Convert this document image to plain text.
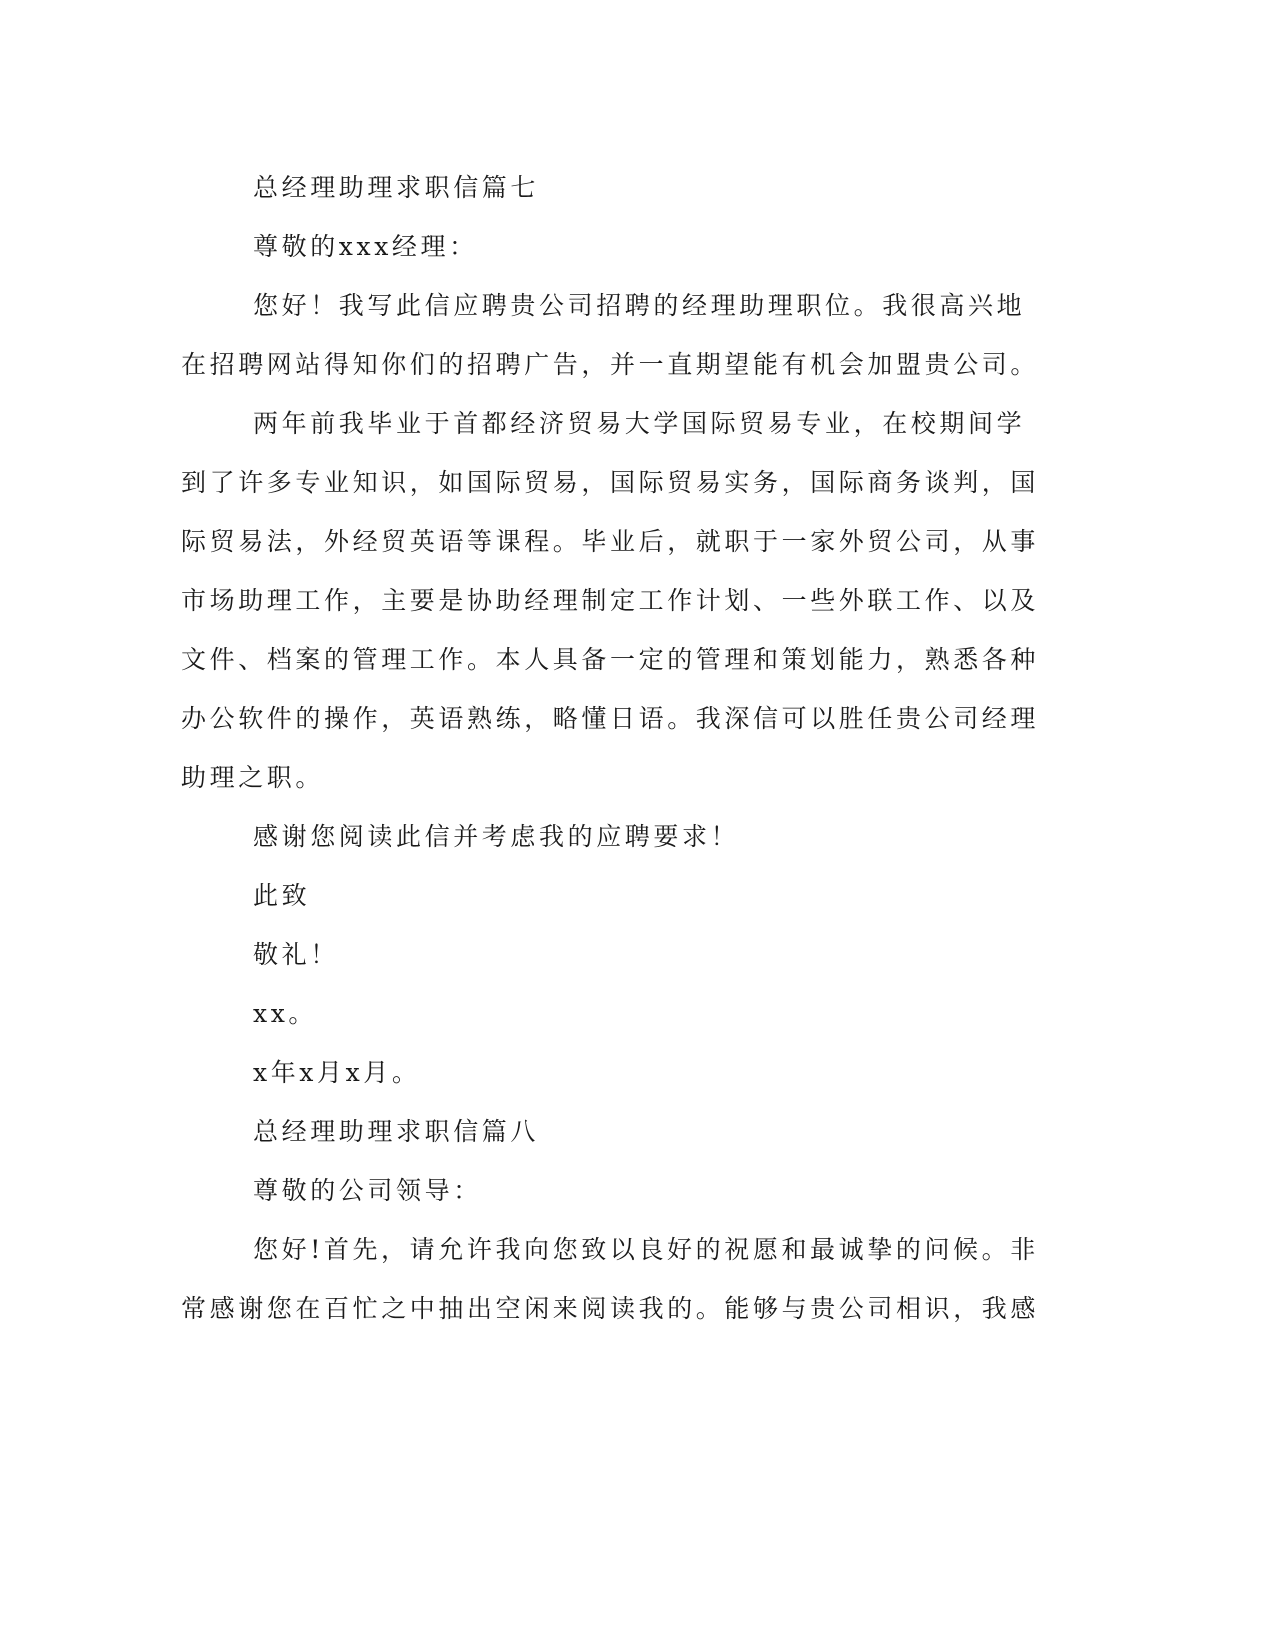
总经理助理求职信篇七

尊敬的xxx经理：

您好！我写此信应聘贵公司招聘的经理助理职位。我很高兴地在招聘网站得知你们的招聘广告，并一直期望能有机会加盟贵公司。

两年前我毕业于首都经济贸易大学国际贸易专业，在校期间学到了许多专业知识，如国际贸易，国际贸易实务，国际商务谈判，国际贸易法，外经贸英语等课程。毕业后，就职于一家外贸公司，从事市场助理工作，主要是协助经理制定工作计划、一些外联工作、以及文件、档案的管理工作。本人具备一定的管理和策划能力，熟悉各种办公软件的操作，英语熟练，略懂日语。我深信可以胜任贵公司经理助理之职。

感谢您阅读此信并考虑我的应聘要求！

此致

敬礼！

xx。

x年x月x月。

总经理助理求职信篇八

尊敬的公司领导：

您好!首先，请允许我向您致以良好的祝愿和最诚挚的问候。非常感谢您在百忙之中抽出空闲来阅读我的。能够与贵公司相识，我感
